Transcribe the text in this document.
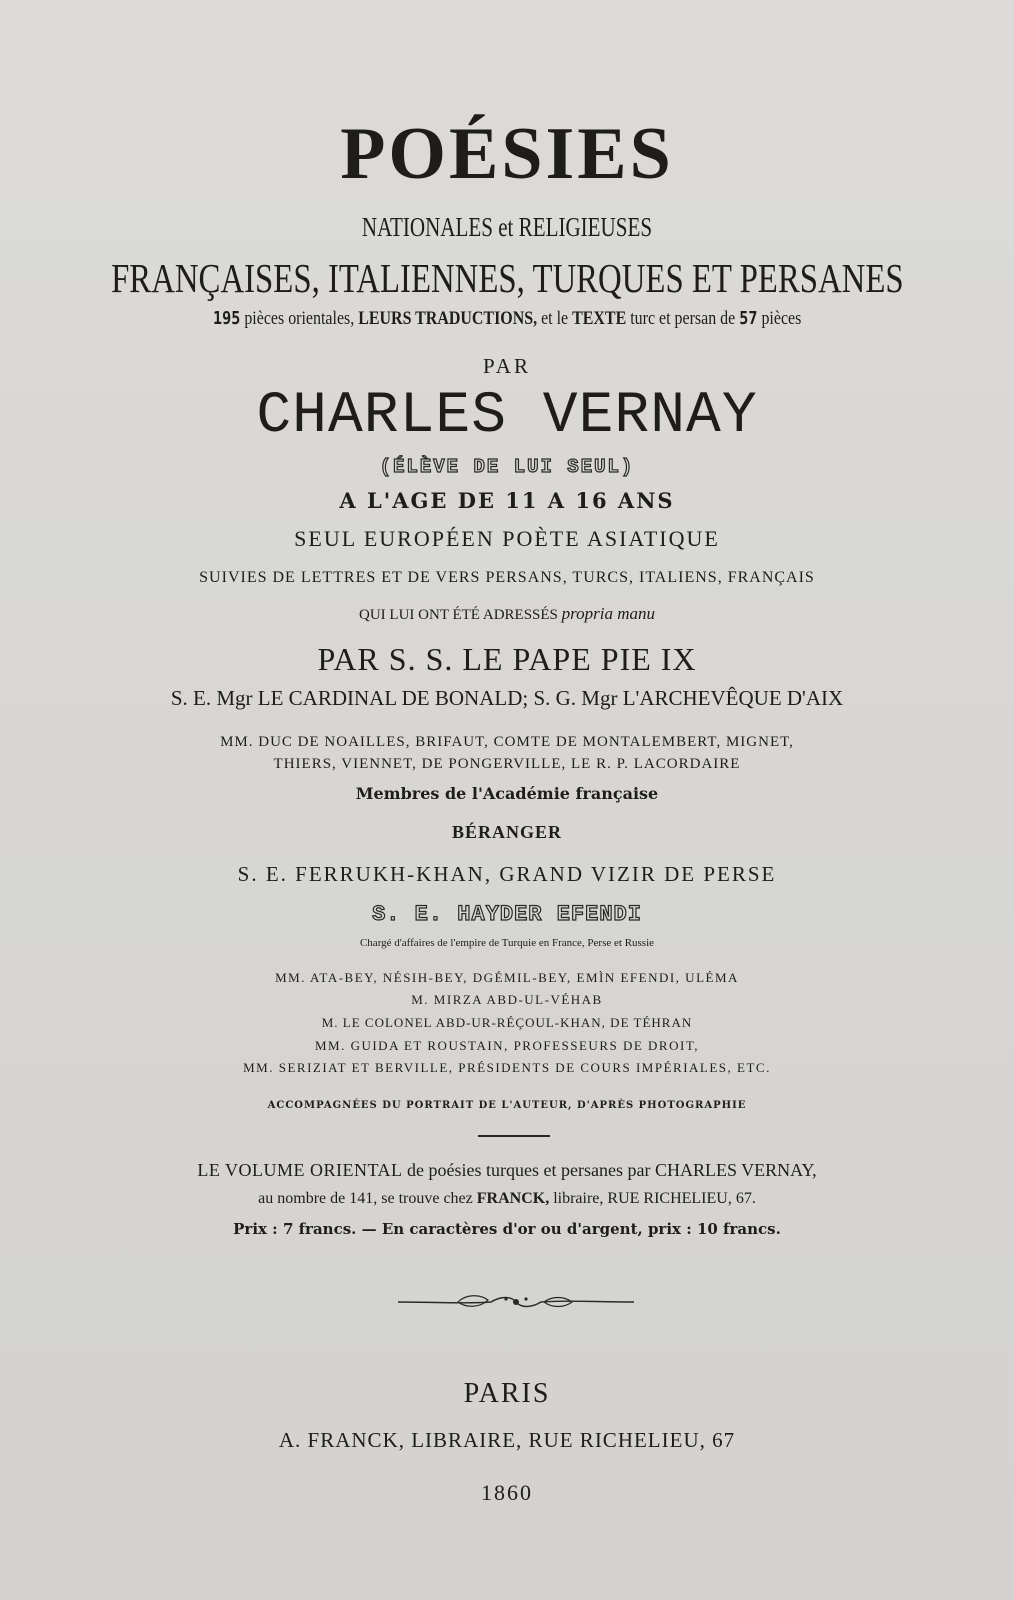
POÉSIES
NATIONALES et RELIGIEUSES
FRANÇAISES, ITALIENNES, TURQUES ET PERSANES
195 pièces orientales, LEURS TRADUCTIONS, et le TEXTE turc et persan de 57 pièces
PAR
CHARLES VERNAY
(ÉLÈVE DE LUI SEUL)
A L'AGE DE 11 A 16 ANS
SEUL EUROPÉEN POÈTE ASIATIQUE
SUIVIES DE LETTRES ET DE VERS PERSANS, TURCS, ITALIENS, FRANÇAIS
QUI LUI ONT ÉTÉ ADRESSÉS propria manu
PAR S. S. LE PAPE PIE IX
S. E. Mgr LE CARDINAL DE BONALD; S. G. Mgr L'ARCHEVÊQUE D'AIX
MM. DUC DE NOAILLES, BRIFAUT, COMTE DE MONTALEMBERT, MIGNET,
THIERS, VIENNET, DE PONGERVILLE, LE R. P. LACORDAIRE
Membres de l'Académie française
BÉRANGER
S. E. FERRUKH-KHAN, GRAND VIZIR DE PERSE
S. E. HAYDER EFENDI
Chargé d'affaires de l'empire de Turquie en France, Perse et Russie
MM. ATA-BEY, NÉSIH-BEY, DGÉMIL-BEY, EMÌN EFENDI, ULÉMA
M. MIRZA ABD-UL-VÉHAB
M. LE COLONEL ABD-UR-RÉÇOUL-KHAN, DE TÉHRAN
MM. GUIDA ET ROUSTAIN, PROFESSEURS DE DROIT,
MM. SERIZIAT ET BERVILLE, PRÉSIDENTS DE COURS IMPÉRIALES, ETC.
ACCOMPAGNÉES DU PORTRAIT DE L'AUTEUR, D'APRÈS PHOTOGRAPHIE
LE VOLUME ORIENTAL de poésies turques et persanes par CHARLES VERNAY,
au nombre de 141, se trouve chez FRANCK, libraire, RUE RICHELIEU, 67.
Prix : 7 francs. — En caractères d'or ou d'argent, prix : 10 francs.
PARIS
A. FRANCK, LIBRAIRE, RUE RICHELIEU, 67
1860
